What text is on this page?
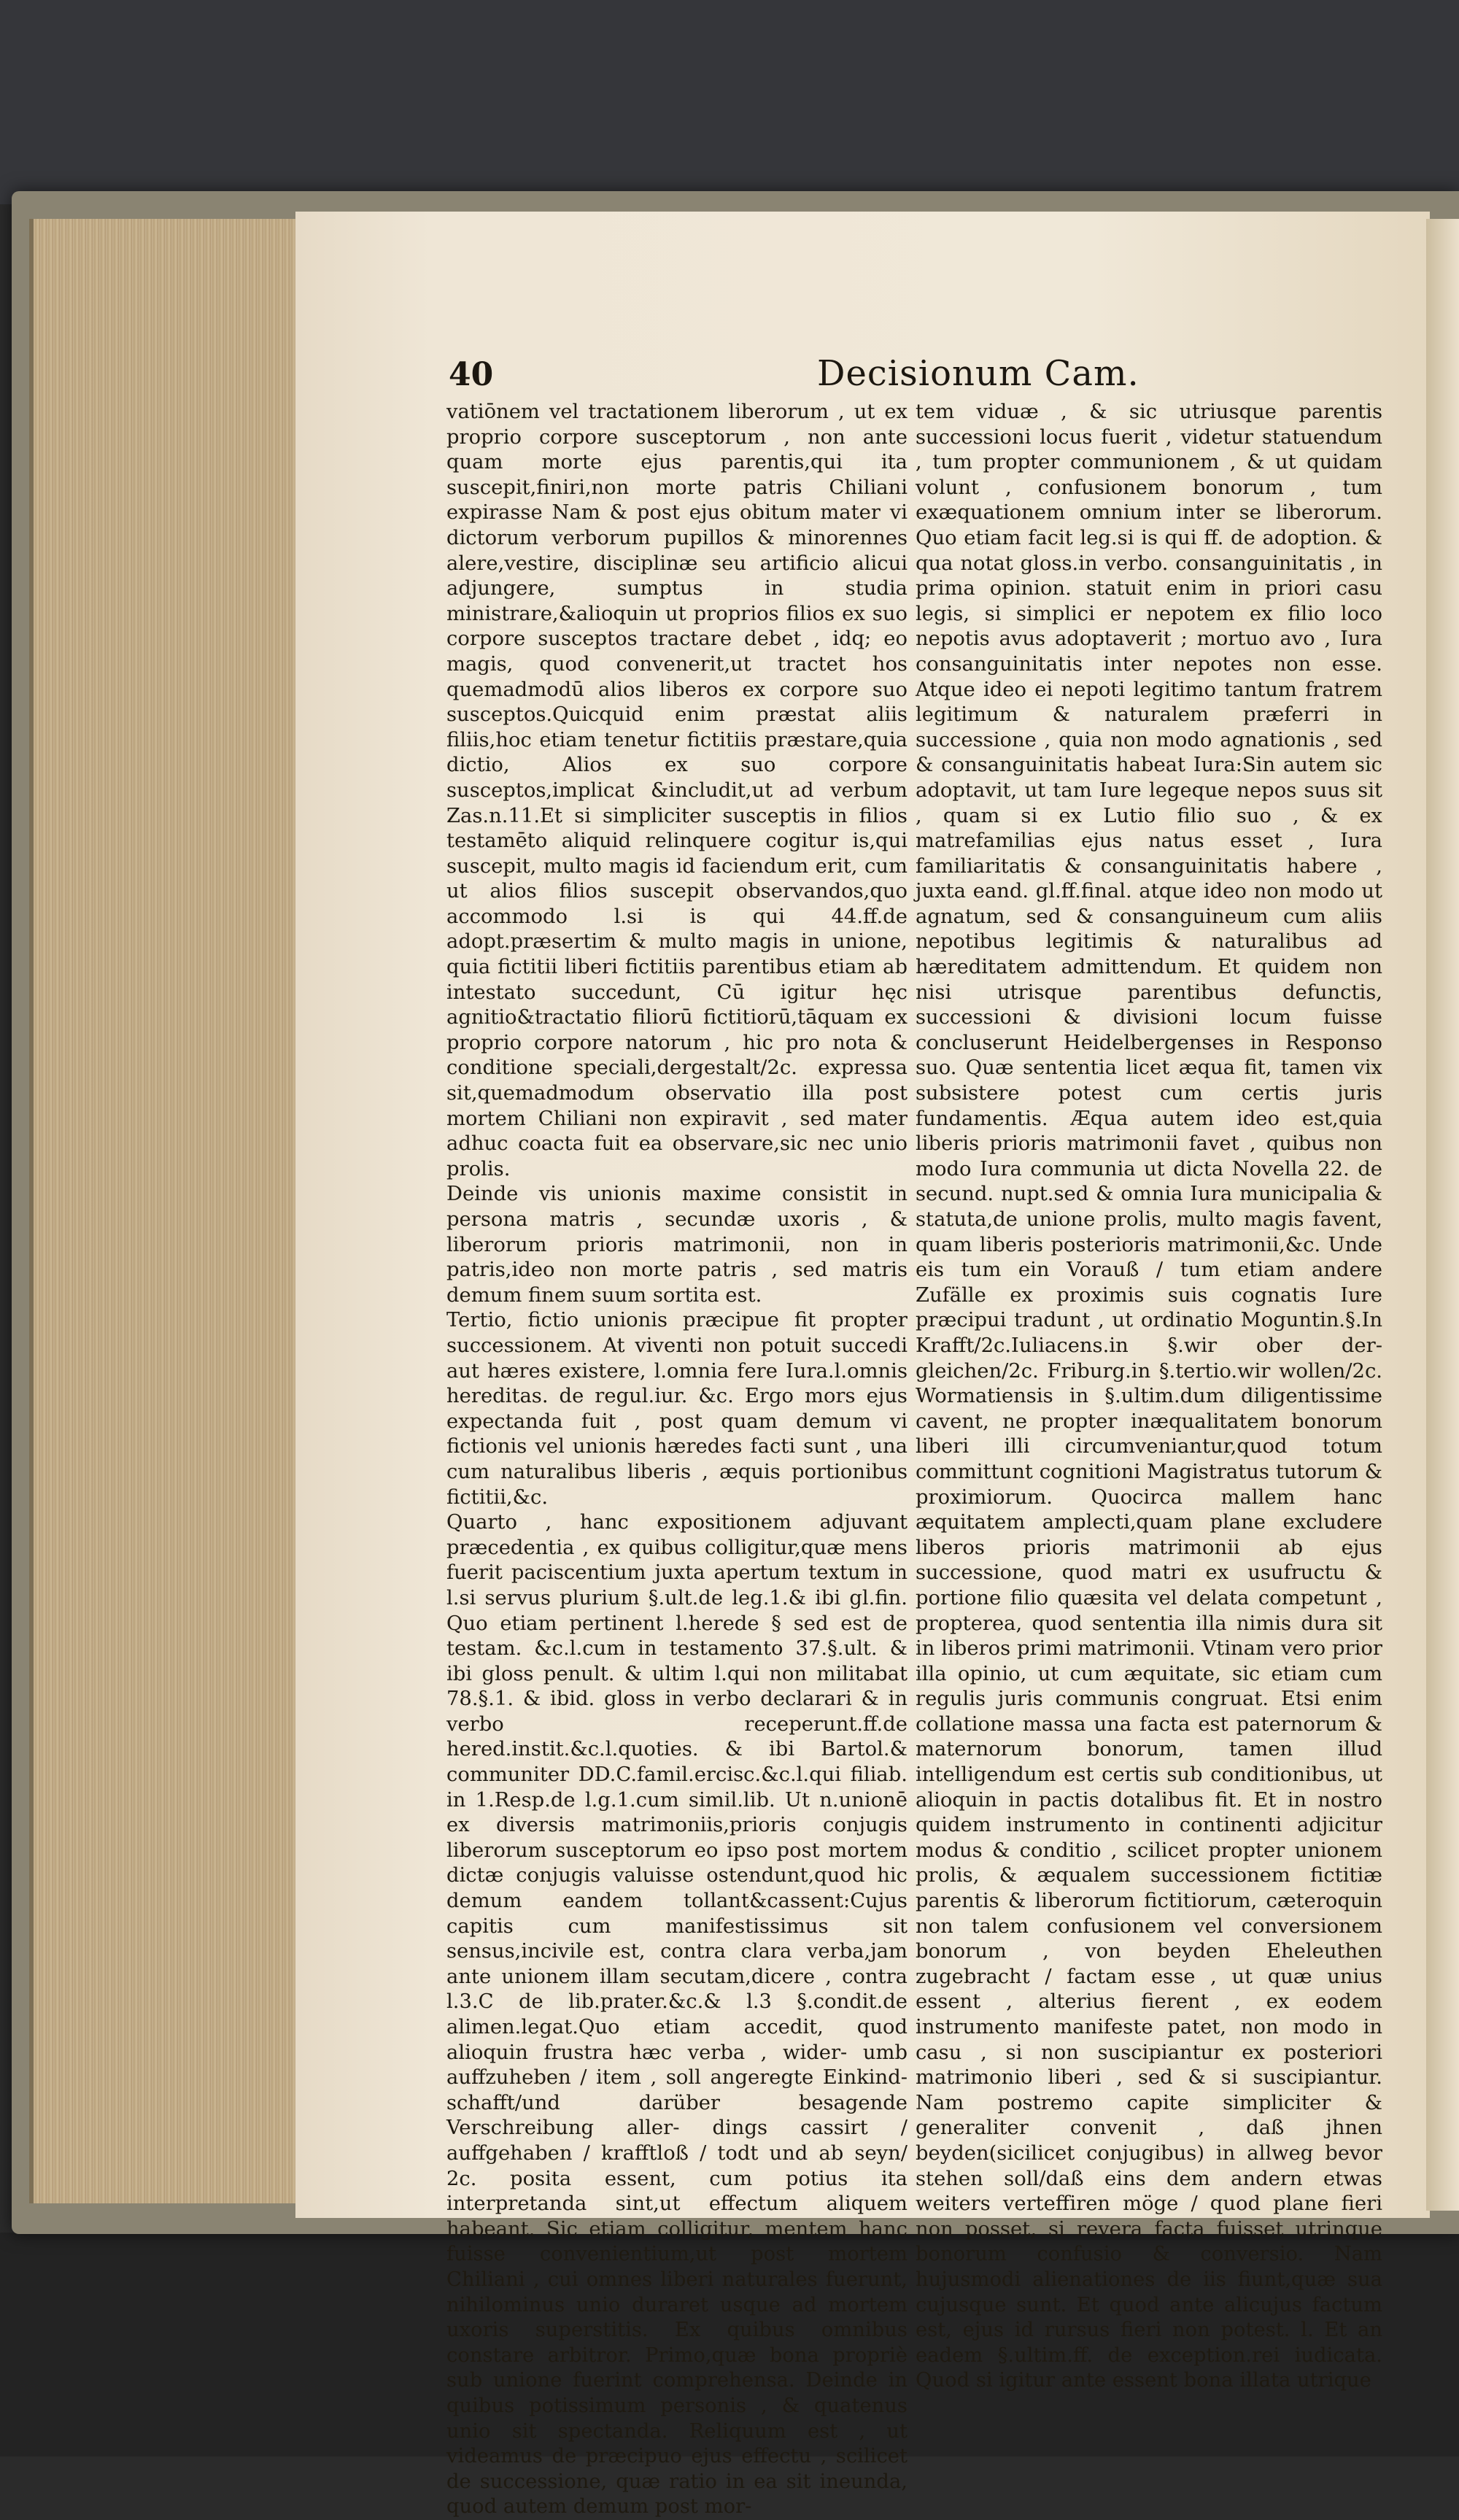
40	Decisionum Cam.

vatiōnem vel tractationem liberorum , ut ex proprio corpore susceptorum , non ante quam morte ejus parentis,qui ita suscepit,finiri,non morte patris Chiliani expirasse Nam & post ejus obitum mater vi dictorum verborum pupillos & minorennes alere,vestire, disciplinæ seu artificio alicui adjungere, sumptus in studia ministrare,&alioquin ut proprios filios ex suo corpore susceptos tractare debet , idq; eo magis, quod convenerit,ut tractet hos quemadmodū alios liberos ex corpore suo susceptos.Quicquid enim præstat aliis filiis,hoc etiam tenetur fictitiis præstare,quia dictio, Alios ex suo corpore susceptos,implicat &includit,ut ad verbum Zas.n.11.Et si simpliciter susceptis in filios testamēto aliquid relinquere cogitur is,qui suscepit, multo magis id faciendum erit, cum ut alios filios suscepit observandos,quo accommodo l.si is qui 44.ff.de adopt.præsertim & multo magis in unione, quia fictitii liberi fictitiis parentibus etiam ab intestato succedunt, Cū igitur hęc agnitio&tractatio filiorū fictitiorū,tāquam ex proprio corpore natorum , hic pro nota & conditione speciali,dergestalt/2c. expressa sit,quemadmodum observatio illa post mortem Chiliani non expiravit , sed mater adhuc coacta fuit ea observare,sic nec unio prolis.

Deinde vis unionis maxime consistit in persona matris , secundæ uxoris , & liberorum prioris matrimonii, non in patris,ideo non morte patris , sed matris demum finem suum sortita est.

Tertio, fictio unionis præcipue fit propter successionem. At viventi non potuit succedi aut hæres existere, l.omnia fere Iura.l.omnis hereditas. de regul.iur. &c. Ergo mors ejus expectanda fuit , post quam demum vi fictionis vel unionis hæredes facti sunt , una cum naturalibus liberis , æquis portionibus fictitii,&c.

Quarto , hanc expositionem adjuvant præcedentia , ex quibus colligitur,quæ mens fuerit paciscentium juxta apertum textum in l.si servus plurium §.ult.de leg.1.& ibi gl.fin. Quo etiam pertinent l.herede § sed est de testam. &c.l.cum in testamento 37.§.ult. & ibi gloss penult. & ultim l.qui non militabat 78.§.1. & ibid. gloss in verbo declarari & in verbo receperunt.ff.de hered.instit.&c.l.quoties. & ibi Bartol.& communiter DD.C.famil.ercisc.&c.l.qui filiab. in 1.Resp.de l.g.1.cum simil.lib. Ut n.unionē ex diversis matrimoniis,prioris conjugis liberorum susceptorum eo ipso post mortem dictæ conjugis valuisse ostendunt,quod hic demum eandem tollant&cassent:Cujus capitis cum manifestissimus sit sensus,incivile est, contra clara verba,jam ante unionem illam secutam,dicere , contra l.3.C de lib.prater.&c.& l.3 §.condit.de alimen.legat.Quo etiam accedit, quod alioquin frustra hæc verba , wider- umb auffzuheben / item , soll angeregte Einkind- schafft/und darüber besagende Verschreibung aller- dings cassirt / auffgehaben / krafftloß / todt und ab seyn/ 2c. posita essent, cum potius ita interpretanda sint,ut effectum aliquem habeant. Sic etiam colligitur, mentem hanc fuisse convenientium,ut post mortem Chiliani , cui omnes liberi naturales fuerunt, nihilominus unio duraret usque ad mortem uxoris superstitis. Ex quibus omnibus constare arbitror. Primo,quæ bona propriè sub unione fuerint comprehensa. Deinde in quibus potissimum personis , & quatenus unio sit spectanda. Reliquum est , ut videamus de præcipuo ejus effectu , scilicet de successione, quæ ratio in ea sit ineunda, quod autem demum post mor-

tem viduæ , & sic utriusque parentis successioni locus fuerit , videtur statuendum , tum propter communionem , & ut quidam volunt , confusionem bonorum , tum exæquationem omnium inter se liberorum. Quo etiam facit leg.si is qui ff. de adoption. & qua notat gloss.in verbo. consanguinitatis , in prima opinion. statuit enim in priori casu legis, si simplici er nepotem ex filio loco nepotis avus adoptaverit ; mortuo avo , Iura consanguinitatis inter nepotes non esse. Atque ideo ei nepoti legitimo tantum fratrem legitimum & naturalem præferri in successione , quia non modo agnationis , sed & consanguinitatis habeat Iura:Sin autem sic adoptavit, ut tam Iure legeque nepos suus sit , quam si ex Lutio filio suo , & ex matrefamilias ejus natus esset , Iura familiaritatis & consanguinitatis habere , juxta eand. gl.ff.final. atque ideo non modo ut agnatum, sed & consanguineum cum aliis nepotibus legitimis & naturalibus ad hæreditatem admittendum. Et quidem non nisi utrisque parentibus defunctis, successioni & divisioni locum fuisse concluserunt Heidelbergenses in Responso suo. Quæ sententia licet æqua fit, tamen vix subsistere potest cum certis juris fundamentis. Æqua autem ideo est,quia liberis prioris matrimonii favet , quibus non modo Iura communia ut dicta Novella 22. de secund. nupt.sed & omnia Iura municipalia & statuta,de unione prolis, multo magis favent, quam liberis posterioris matrimonii,&c. Unde eis tum ein Vorauß / tum etiam andere Zufälle ex proximis suis cognatis Iure præcipui tradunt , ut ordinatio Moguntin.§.In Krafft/2c.Iuliacens.in §.wir ober der- gleichen/2c. Friburg.in §.tertio.wir wollen/2c. Wormatiensis in §.ultim.dum diligentissime cavent, ne propter inæqualitatem bonorum liberi illi circumveniantur,quod totum committunt cognitioni Magistratus tutorum & proximiorum. Quocirca mallem hanc æquitatem amplecti,quam plane excludere liberos prioris matrimonii ab ejus successione, quod matri ex usufructu & portione filio quæsita vel delata competunt , propterea, quod sententia illa nimis dura sit in liberos primi matrimonii. Vtinam vero prior illa opinio, ut cum æquitate, sic etiam cum regulis juris communis congruat. Etsi enim collatione massa una facta est paternorum & maternorum bonorum, tamen illud intelligendum est certis sub conditionibus, ut alioquin in pactis dotalibus fit. Et in nostro quidem instrumento in continenti adjicitur modus & conditio , scilicet propter unionem prolis, & æqualem successionem fictitiæ parentis & liberorum fictitiorum, cæteroquin non talem confusionem vel conversionem bonorum , von beyden Eheleuthen zugebracht / factam esse , ut quæ unius essent , alterius fierent , ex eodem instrumento manifeste patet, non modo in casu , si non suscipiantur ex posteriori matrimonio liberi , sed & si suscipiantur. Nam postremo capite simpliciter & generaliter convenit , daß jhnen beyden(sicilicet conjugibus) in allweg bevor stehen soll/daß eins dem andern etwas weiters verteffiren möge / quod plane fieri non posset, si revera facta fuisset utrinque bonorum confusio & conversio. Nam hujusmodi alienationes de iis fiunt,quæ sua cujusque sunt. Et quod ante alicujus factum est, ejus id rursus fieri non potest. l. Et an eadem §.ultim.ff. de exception.rei iudicata. Quod si igitur ante essent bona illata utrique
